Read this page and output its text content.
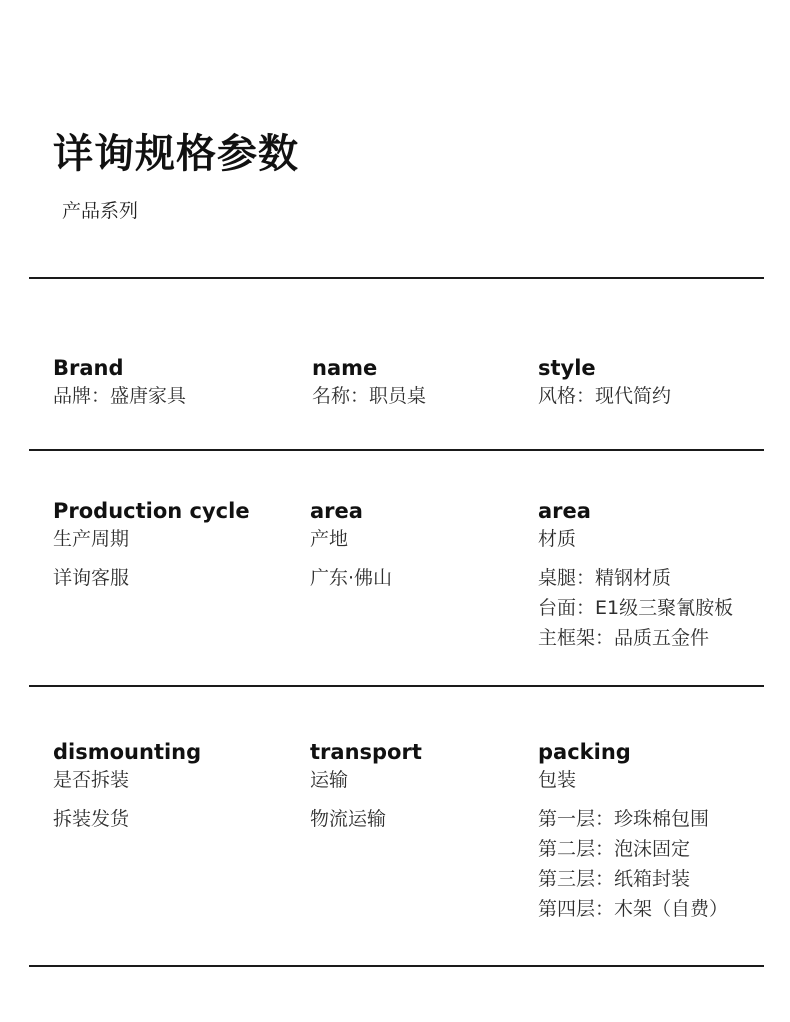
详询规格参数
产品系列
Brand
品牌：盛唐家具
name
名称：职员桌
style
风格：现代简约
Production cycle
生产周期
详询客服
area
产地
广东·佛山
area
材质
桌腿：精钢材质
台面：E1级三聚氰胺板
主框架：品质五金件
dismounting
是否拆装
拆装发货
transport
运输
物流运输
packing
包装
第一层：珍珠棉包围
第二层：泡沫固定
第三层：纸箱封装
第四层：木架（自费）
